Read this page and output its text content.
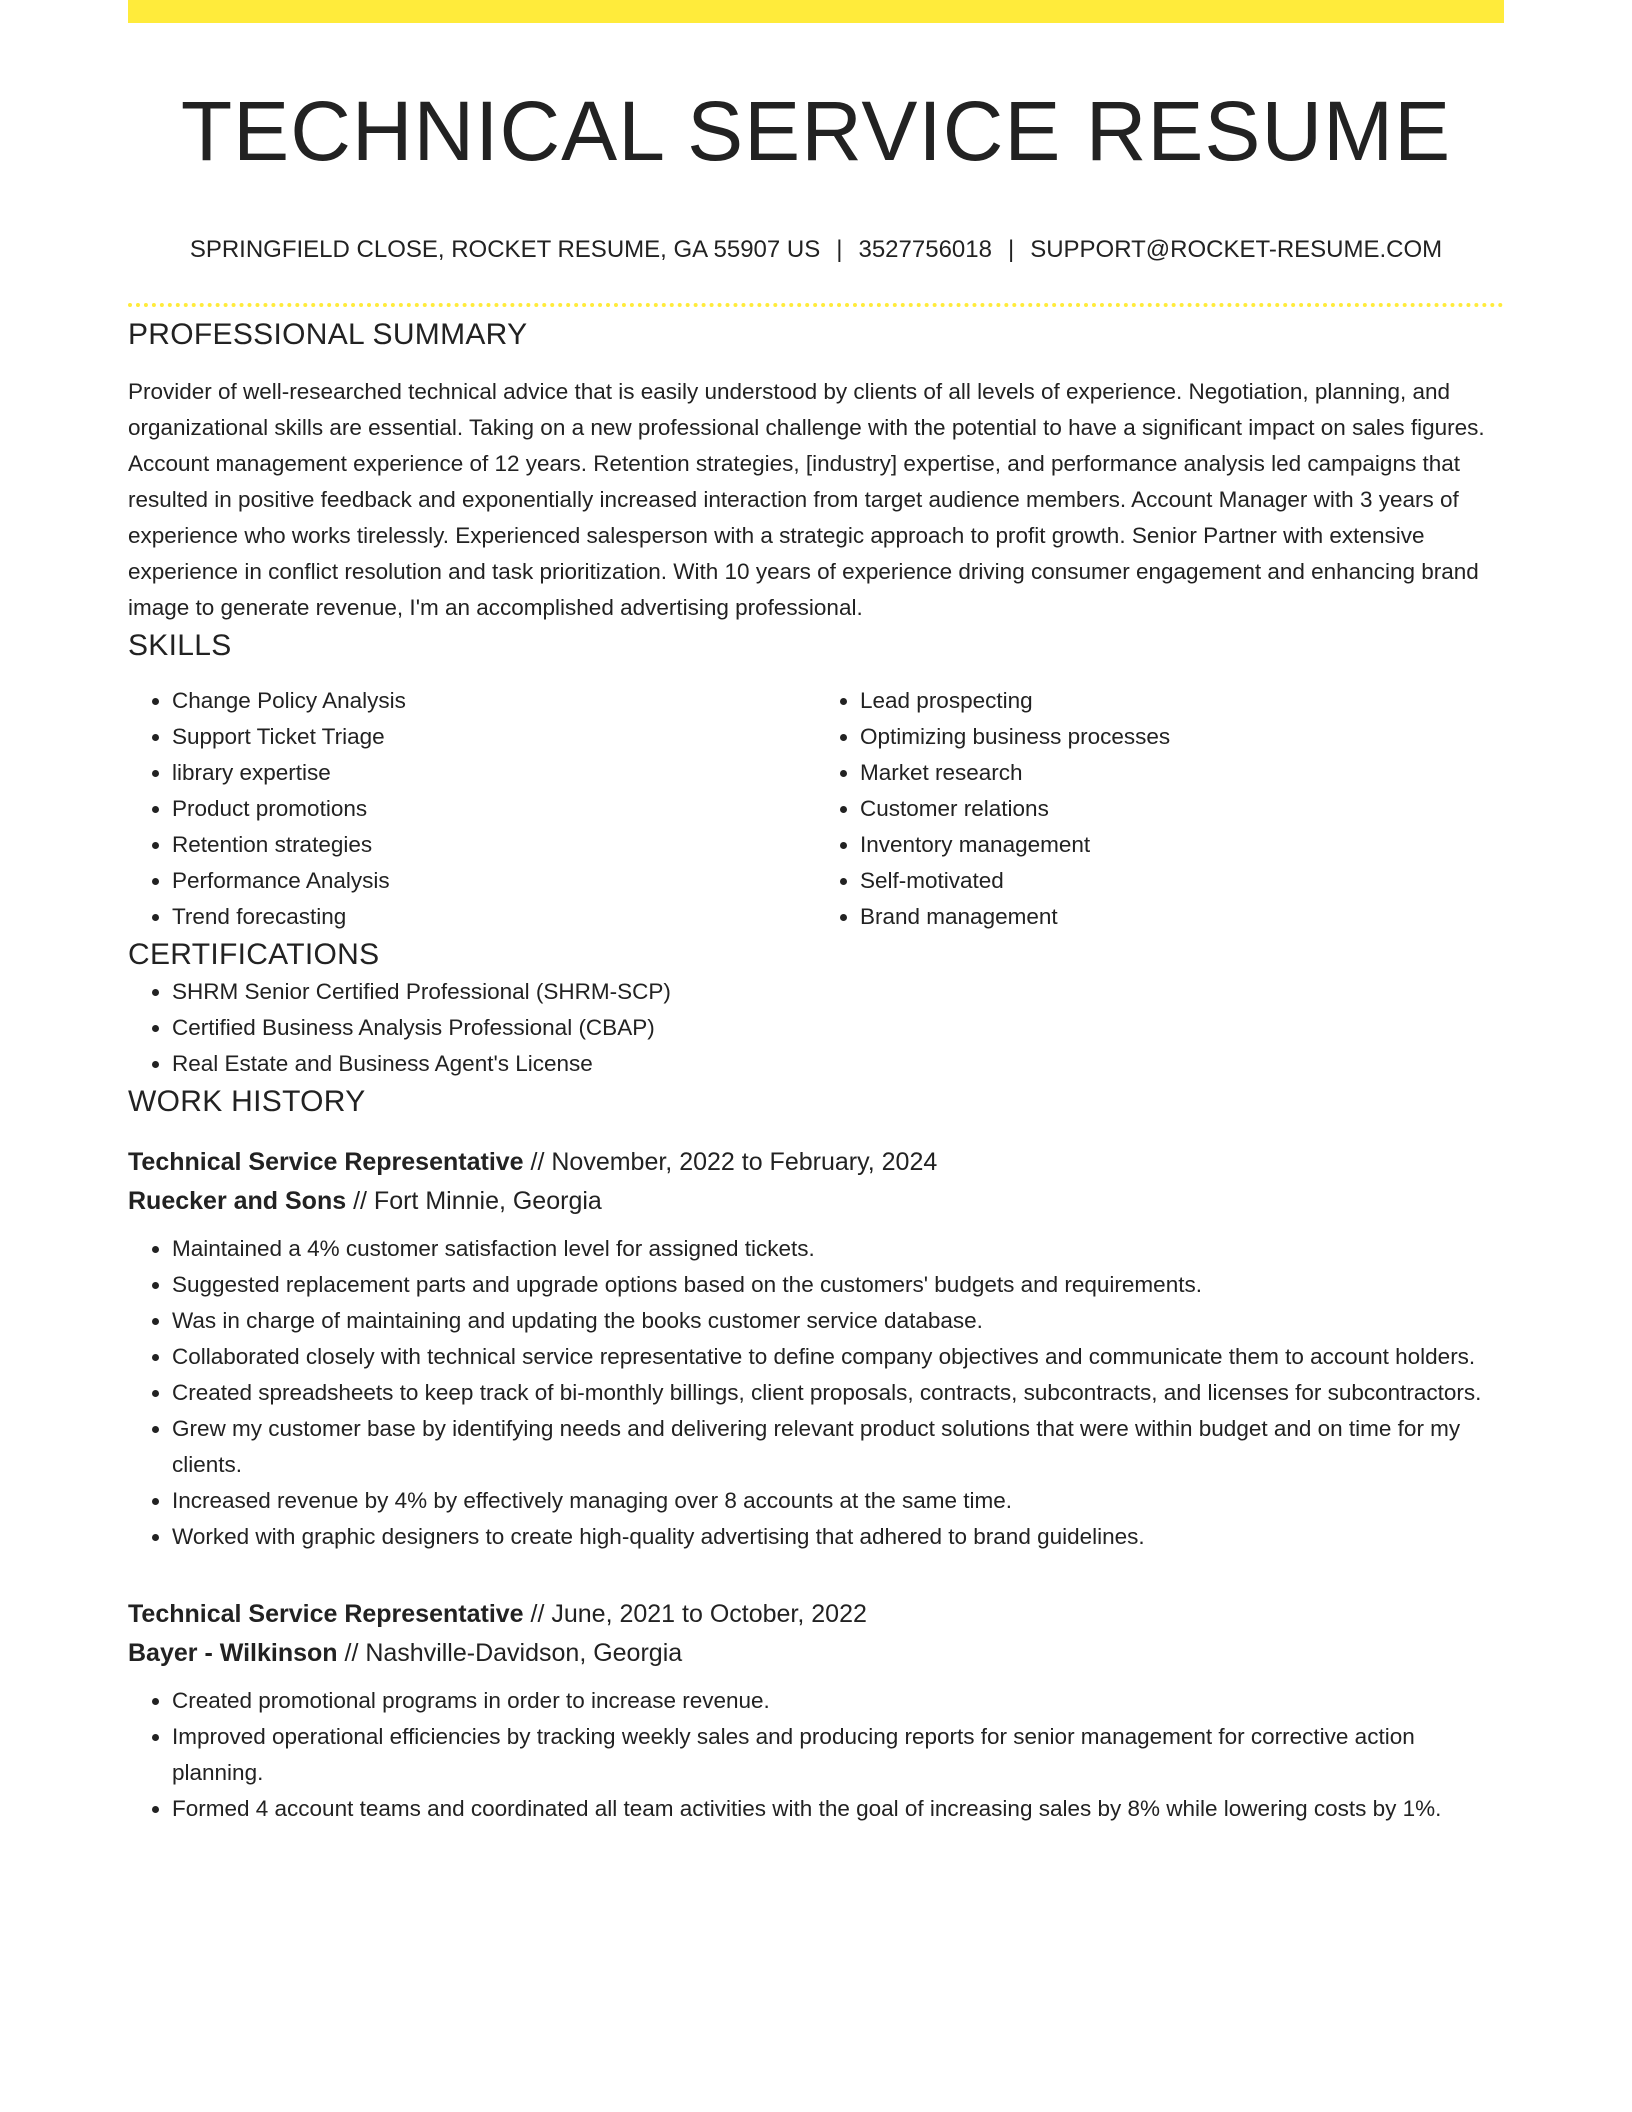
TECHNICAL SERVICE RESUME
SPRINGFIELD CLOSE, ROCKET RESUME, GA 55907 US | 3527756018 | SUPPORT@ROCKET-RESUME.COM
PROFESSIONAL SUMMARY

Provider of well-researched technical advice that is easily understood by clients of all levels of experience. Negotiation, planning, and organizational skills are essential. Taking on a new professional challenge with the potential to have a significant impact on sales figures. Account management experience of 12 years. Retention strategies, [industry] expertise, and performance analysis led campaigns that resulted in positive feedback and exponentially increased interaction from target audience members. Account Manager with 3 years of experience who works tirelessly. Experienced salesperson with a strategic approach to profit growth. Senior Partner with extensive experience in conflict resolution and task prioritization. With 10 years of experience driving consumer engagement and enhancing brand image to generate revenue, I'm an accomplished advertising professional.

SKILLS
• Change Policy Analysis
• Support Ticket Triage
• library expertise
• Product promotions
• Retention strategies
• Performance Analysis
• Trend forecasting
• Lead prospecting
• Optimizing business processes
• Market research
• Customer relations
• Inventory management
• Self-motivated
• Brand management
CERTIFICATIONS
• SHRM Senior Certified Professional (SHRM-SCP)
• Certified Business Analysis Professional (CBAP)
• Real Estate and Business Agent's License
WORK HISTORY
Technical Service Representative // November, 2022 to February, 2024
Ruecker and Sons // Fort Minnie, Georgia
• Maintained a 4% customer satisfaction level for assigned tickets.
• Suggested replacement parts and upgrade options based on the customers' budgets and requirements.
• Was in charge of maintaining and updating the books customer service database.
• Collaborated closely with technical service representative to define company objectives and communicate them to account holders.
• Created spreadsheets to keep track of bi-monthly billings, client proposals, contracts, subcontracts, and licenses for subcontractors.
• Grew my customer base by identifying needs and delivering relevant product solutions that were within budget and on time for my clients.
• Increased revenue by 4% by effectively managing over 8 accounts at the same time.
• Worked with graphic designers to create high-quality advertising that adhered to brand guidelines.
Technical Service Representative // June, 2021 to October, 2022
Bayer - Wilkinson // Nashville-Davidson, Georgia
• Created promotional programs in order to increase revenue.
• Improved operational efficiencies by tracking weekly sales and producing reports for senior management for corrective action planning.
• Formed 4 account teams and coordinated all team activities with the goal of increasing sales by 8% while lowering costs by 1%.
